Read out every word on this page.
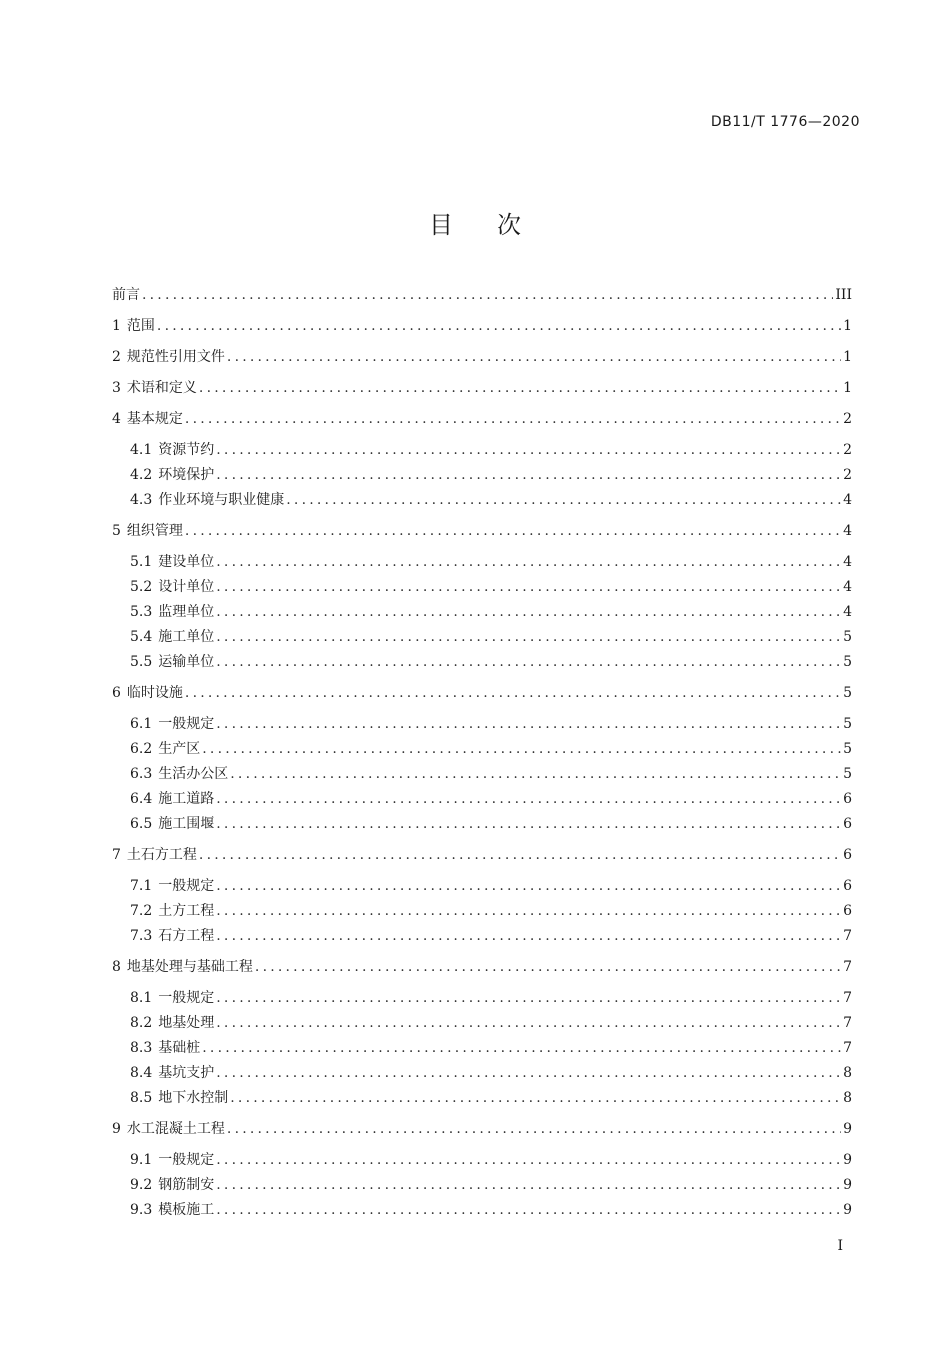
DB11/T 1776—2020
目次
前言 .....	III
1 范围 .....	1
2 规范性引用文件 .....	1
3 术语和定义 .....	1
4 基本规定 .....	2
4.1 资源节约 .....	2
4.2 环境保护 .....	2
4.3 作业环境与职业健康 .....	4
5 组织管理 .....	4
5.1 建设单位 .....	4
5.2 设计单位 .....	4
5.3 监理单位 .....	4
5.4 施工单位 .....	5
5.5 运输单位 .....	5
6 临时设施 .....	5
6.1 一般规定 .....	5
6.2 生产区 .....	5
6.3 生活办公区 .....	5
6.4 施工道路 .....	6
6.5 施工围堰 .....	6
7 土石方工程 .....	6
7.1 一般规定 .....	6
7.2 土方工程 .....	6
7.3 石方工程 .....	7
8 地基处理与基础工程 .....	7
8.1 一般规定 .....	7
8.2 地基处理 .....	7
8.3 基础桩 .....	7
8.4 基坑支护 .....	8
8.5 地下水控制 .....	8
9 水工混凝土工程 .....	9
9.1 一般规定 .....	9
9.2 钢筋制安 .....	9
9.3 模板施工 .....	9
I
